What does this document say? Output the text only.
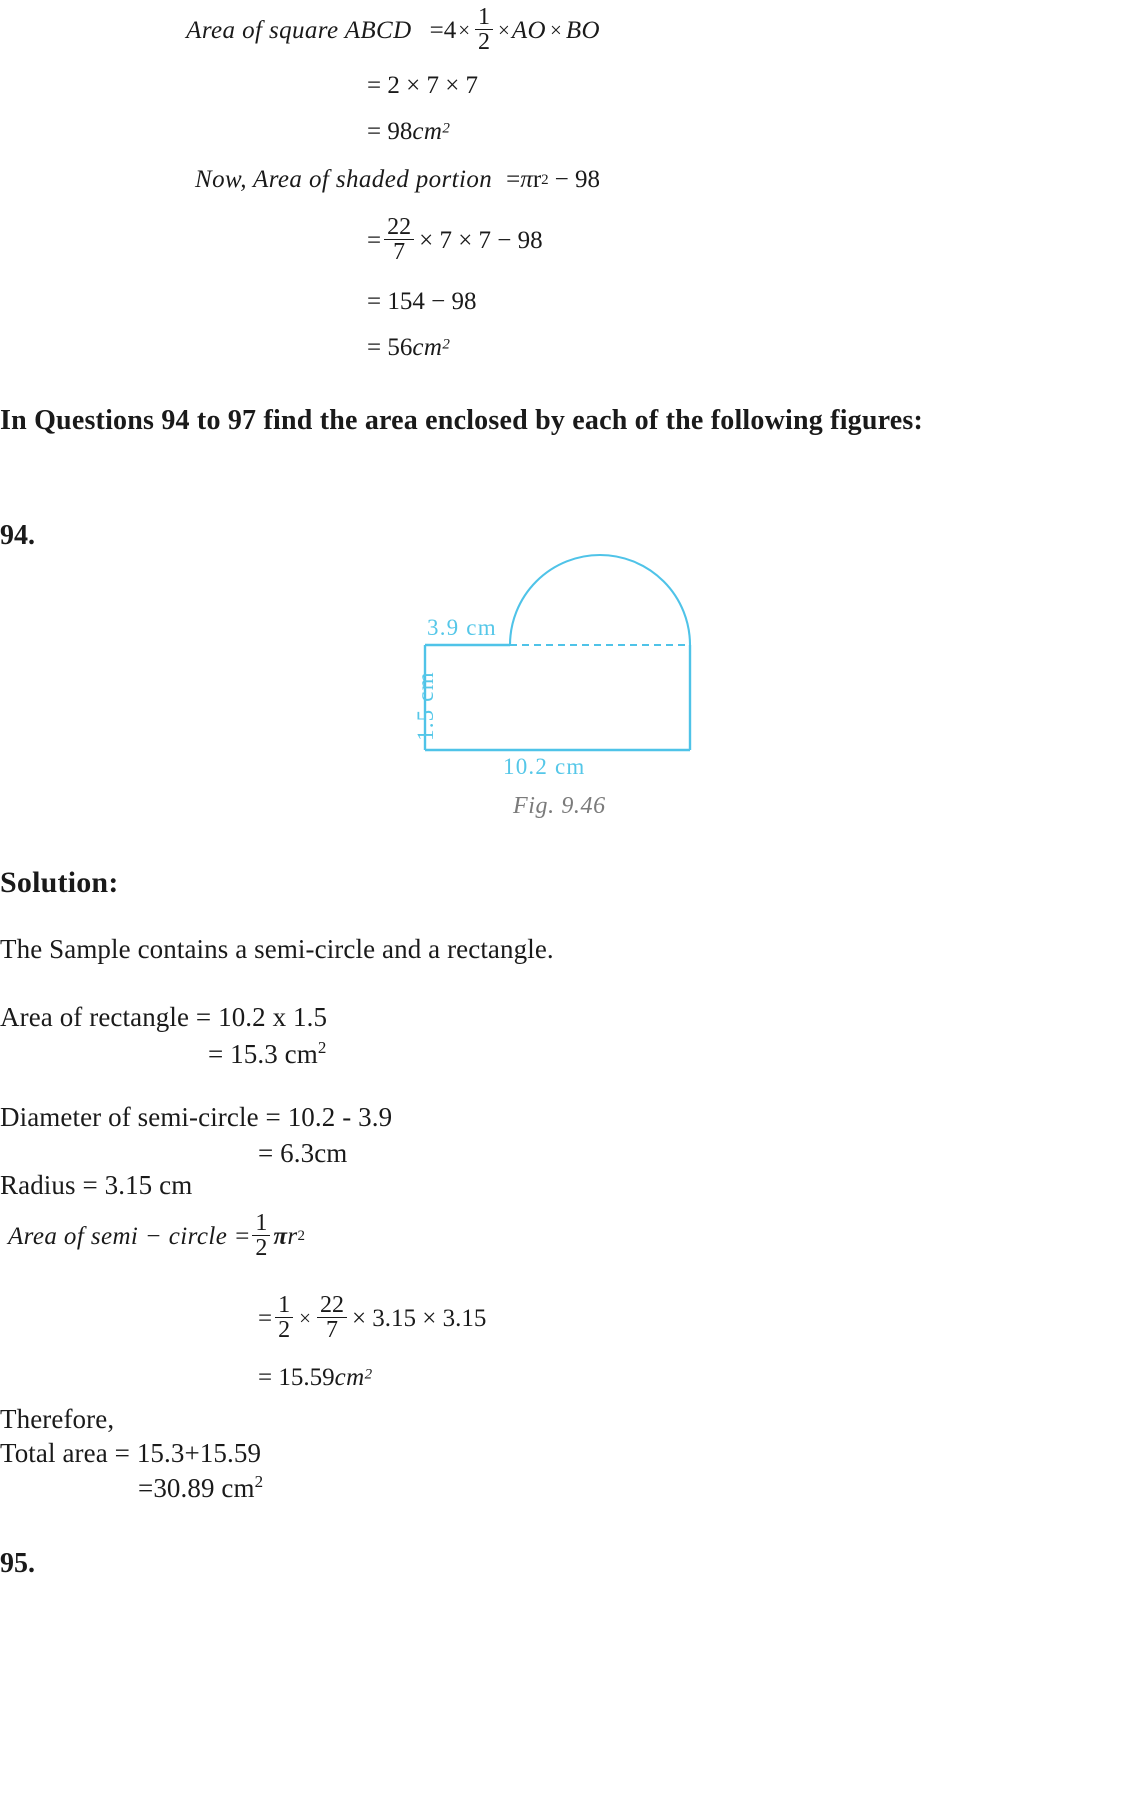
Area of square ABCD = $4 \times \frac{1}{2}$ × AO × BO
= 2 × 7 × 7
= 98cm2
Now, Area of shaded portion = π r 2 − 98
= $\frac{22}{7} \times 7 \times 7 - 98$
= 154 − 98
= 56cm2
In Questions 94 to 97 find the area enclosed by each of the following figures:
94.
3.9 cm
1.5 cm
10.2 cm
Fig. 9.46
Solution:
The Sample contains a semi-circle and a rectangle.
Area of rectangle = 10.2 x 1.5
= 15.3 $cm^2$
Diameter of semi-circle = 10.2 - 3.9
= 6.3cm
Radius = 3.15 cm
Area of semi − circle = $\frac{1}{2}$ π r 2
= $\frac{1}{2} \times \frac{22}{7} \times 3.15 \times 3.15$
= 15.59cm2
Therefore,
Total area = 15.3+15.59
=30.89 $cm^2$
95.
